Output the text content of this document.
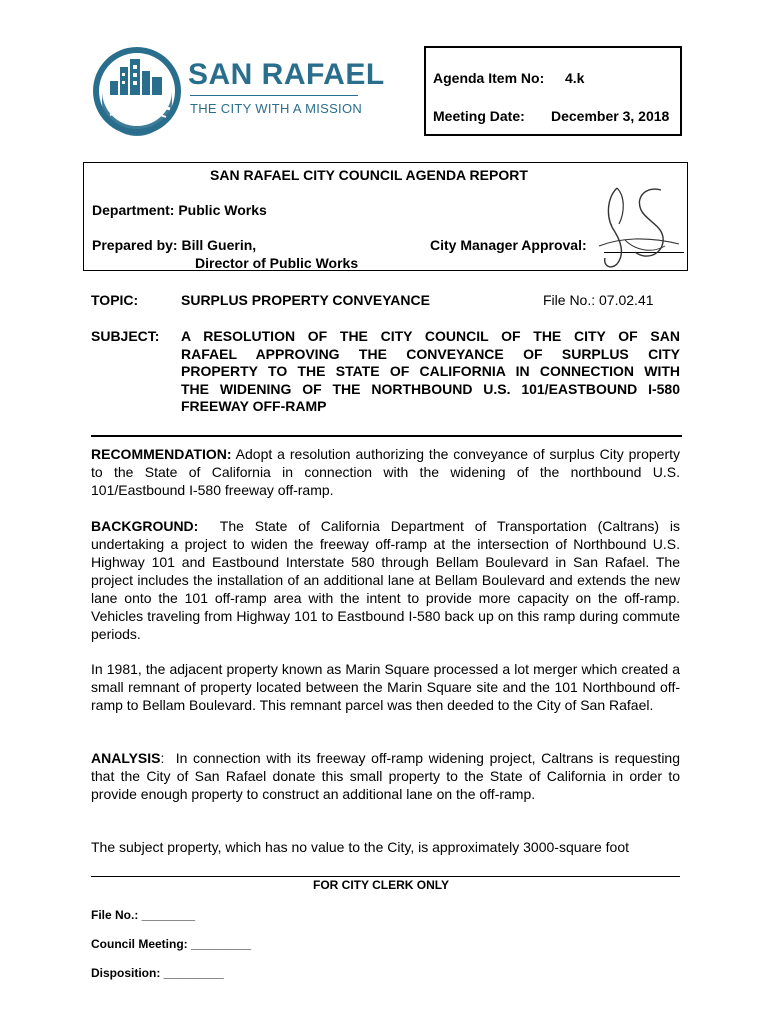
SAN RAFAEL
THE CITY WITH A MISSION
Agenda Item No: 4.k
Meeting Date: December 3, 2018
SAN RAFAEL CITY COUNCIL AGENDA REPORT
Department: Public Works
Prepared by: Bill Guerin,
Director of Public Works
City Manager Approval:
TOPIC:	SURPLUS PROPERTY CONVEYANCE	File No.: 07.02.41
SUBJECT: A RESOLUTION OF THE CITY COUNCIL OF THE CITY OF SAN
RAFAEL APPROVING THE CONVEYANCE OF SURPLUS CITY
PROPERTY TO THE STATE OF CALIFORNIA IN CONNECTION WITH
THE WIDENING OF THE NORTHBOUND U.S. 101/EASTBOUND I-580
FREEWAY OFF-RAMP
RECOMMENDATION: Adopt a resolution authorizing the conveyance of surplus City property to the State of California in connection with the widening of the northbound U.S. 101/Eastbound I-580 freeway off-ramp.
BACKGROUND: The State of California Department of Transportation (Caltrans) is undertaking a project to widen the freeway off-ramp at the intersection of Northbound U.S. Highway 101 and Eastbound Interstate 580 through Bellam Boulevard in San Rafael. The project includes the installation of an additional lane at Bellam Boulevard and extends the new lane onto the 101 off-ramp area with the intent to provide more capacity on the off-ramp. Vehicles traveling from Highway 101 to Eastbound I-580 back up on this ramp during commute periods.
In 1981, the adjacent property known as Marin Square processed a lot merger which created a small remnant of property located between the Marin Square site and the 101 Northbound off-ramp to Bellam Boulevard. This remnant parcel was then deeded to the City of San Rafael.
ANALYSIS:  In connection with its freeway off-ramp widening project, Caltrans is requesting that the City of San Rafael donate this small property to the State of California in order to provide enough property to construct an additional lane on the off-ramp.
The subject property, which has no value to the City, is approximately 3000-square foot
FOR CITY CLERK ONLY
File No.: ________
Council Meeting: _________
Disposition: _________
